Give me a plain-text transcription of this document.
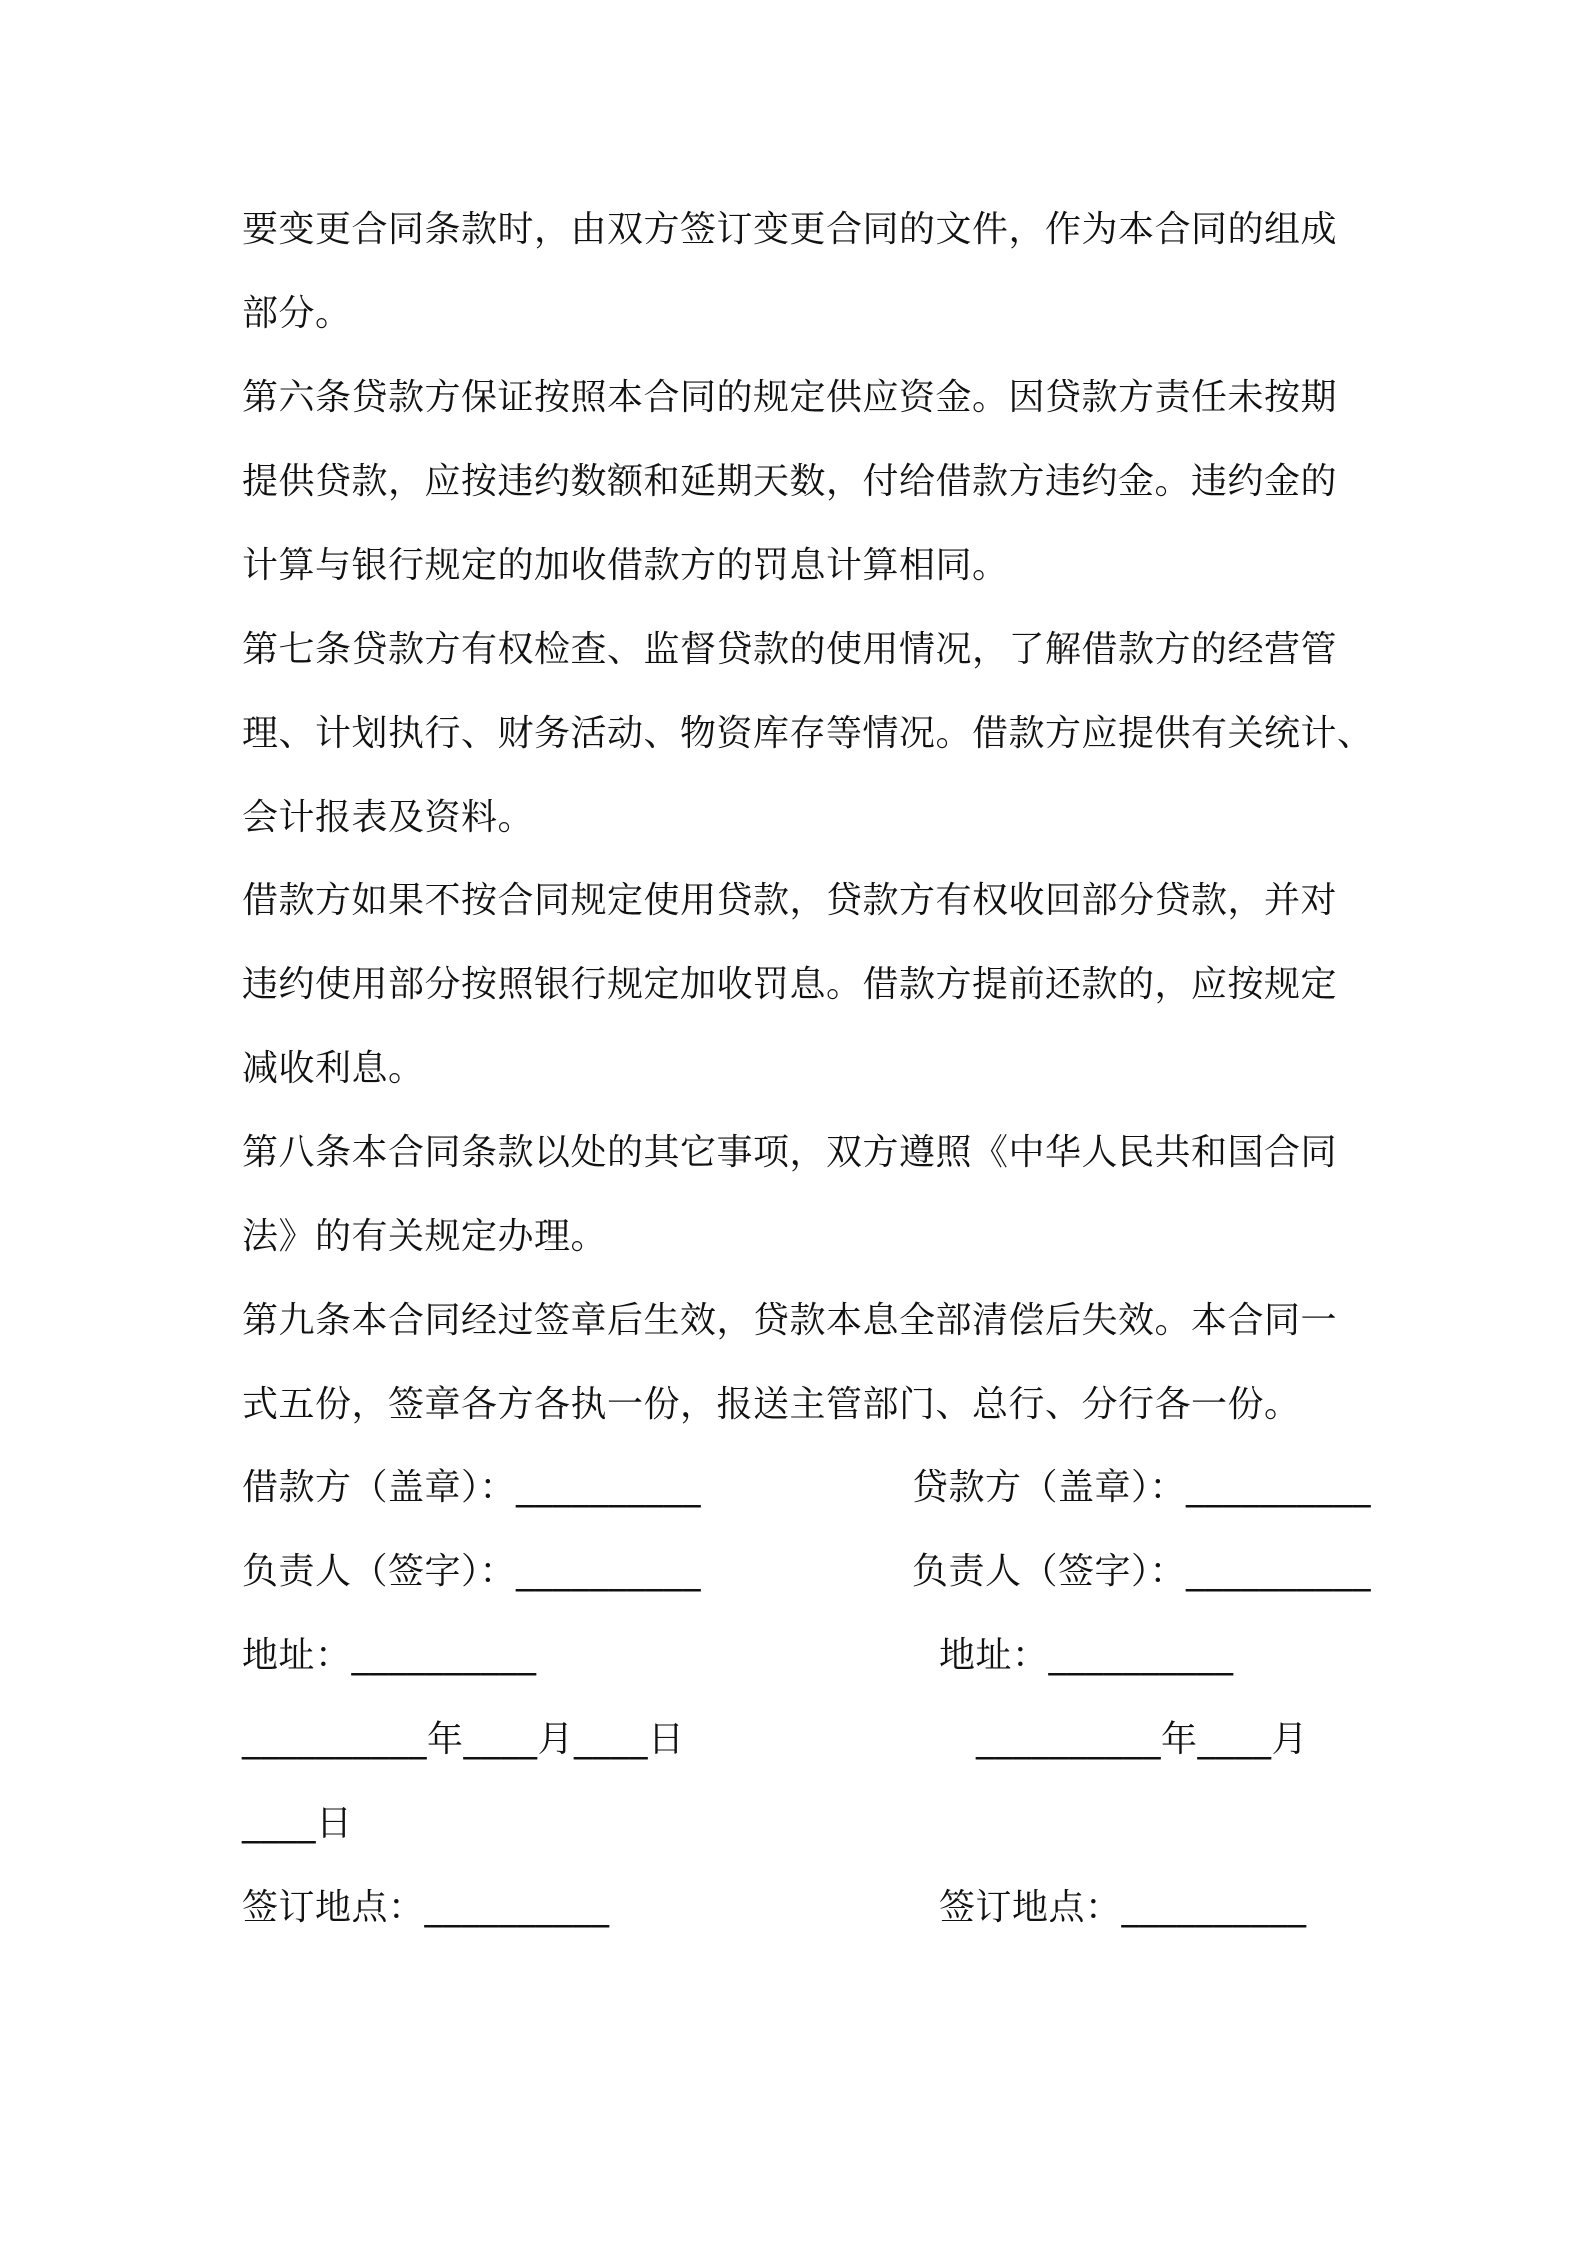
要变更合同条款时，由双方签订变更合同的文件，作为本合同的组成
部分。
第六条贷款方保证按照本合同的规定供应资金。因贷款方责任未按期
提供贷款，应按违约数额和延期天数，付给借款方违约金。违约金的
计算与银行规定的加收借款方的罚息计算相同。
第七条贷款方有权检查、监督贷款的使用情况，了解借款方的经营管
理、计划执行、财务活动、物资库存等情况。借款方应提供有关统计、
会计报表及资料。
借款方如果不按合同规定使用贷款，贷款方有权收回部分贷款，并对
违约使用部分按照银行规定加收罚息。借款方提前还款的，应按规定
减收利息。
第八条本合同条款以处的其它事项，双方遵照《中华人民共和国合同
法》的有关规定办理。
第九条本合同经过签章后生效，贷款本息全部清偿后失效。本合同一
式五份，签章各方各执一份，报送主管部门、总行、分行各一份。
借款方（盖章）：__________	贷款方（盖章）：__________
负责人（签字）：__________	负责人（签字）：__________
地址：__________	地址：__________
__________年____月____日	__________年____月
____日
签订地点：__________	签订地点：__________
